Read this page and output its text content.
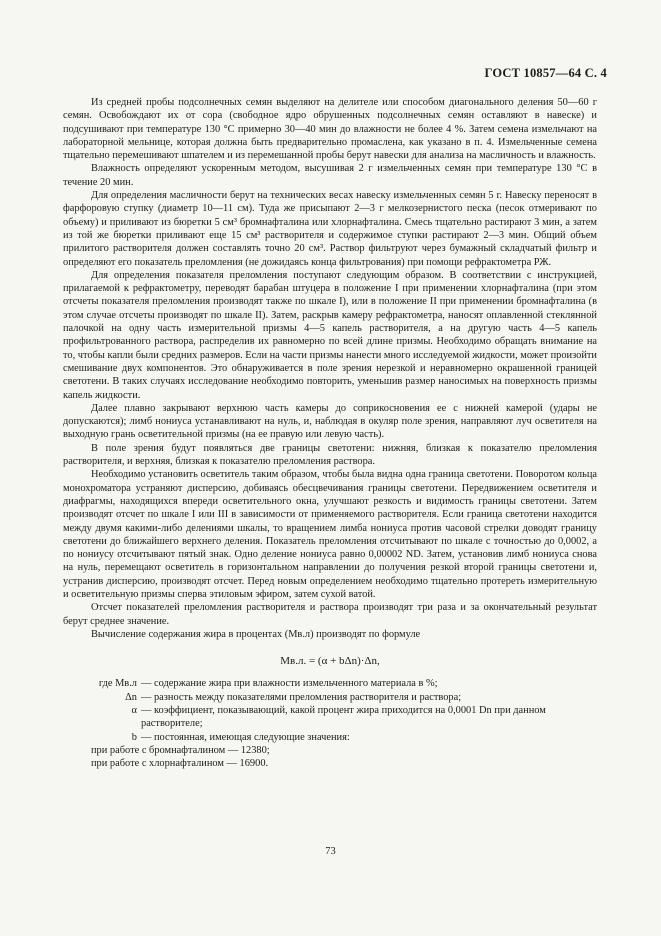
ГОСТ 10857—64 С. 4

Из средней пробы подсолнечных семян выделяют на делителе или способом диагонального деления 50—60 г семян. Освобождают их от сора (свободное ядро обрушенных подсолнечных семян оставляют в навеске) и подсушивают при температуре 130 °С примерно 30—40 мин до влажности не более 4 %. Затем семена измельчают на лабораторной мельнице, которая должна быть предварительно промаслена, как указано в п. 4. Измельченные семена тщательно перемешивают шпателем и из перемешанной пробы берут навески для анализа на масличность и влажность.

Влажность определяют ускоренным методом, высушивая 2 г измельченных семян при температуре 130 °С в течение 20 мин.

Для определения масличности берут на технических весах навеску измельченных семян 5 г. Навеску переносят в фарфоровую ступку (диаметр 10—11 см). Туда же присыпают 2—3 г мелкозернистого песка (песок отмеривают по объему) и приливают из бюретки 5 см³ бромнафталина или хлорнафталина. Смесь тщательно растирают 3 мин, а затем из той же бюретки приливают еще 15 см³ растворителя и содержимое ступки растирают 2—3 мин. Общий объем прилитого растворителя должен составлять точно 20 см³. Раствор фильтруют через бумажный складчатый фильтр и определяют его показатель преломления (не дожидаясь конца фильтрования) при помощи рефрактометра РЖ.

Для определения показателя преломления поступают следующим образом. В соответствии с инструкцией, прилагаемой к рефрактометру, переводят барабан штуцера в положение I при применении хлорнафталина (при этом отсчеты показателя преломления производят также по шкале I), или в положение II при применении бромнафталина (в этом случае отсчеты производят по шкале II). Затем, раскрыв камеру рефрактометра, наносят оплавленной стеклянной палочкой на одну часть измерительной призмы 4—5 капель растворителя, а на другую часть 4—5 капель профильтрованного раствора, распределив их равномерно по всей длине призмы. Необходимо обращать внимание на то, чтобы капли были средних размеров. Если на части призмы нанести много исследуемой жидкости, может произойти смешивание двух компонентов. Это обнаруживается в поле зрения нерезкой и неравномерно окрашенной границей светотени. В таких случаях исследование необходимо повторить, уменьшив размер наносимых на поверхность призмы капель жидкости.

Далее плавно закрывают верхнюю часть камеры до соприкосновения ее с нижней камерой (удары не допускаются); лимб нониуса устанавливают на нуль, и, наблюдая в окуляр поле зрения, направляют луч осветителя на выходную грань осветительной призмы (на ее правую или левую часть).

В поле зрения будут появляться две границы светотени: нижняя, близкая к показателю преломления растворителя, и верхняя, близкая к показателю преломления раствора.

Необходимо установить осветитель таким образом, чтобы была видна одна граница светотени. Поворотом кольца монохроматора устраняют дисперсию, добиваясь обесцвечивания границы светотени. Передвижением осветителя и диафрагмы, находящихся впереди осветительного окна, улучшают резкость и видимость границы светотени. Затем производят отсчет по шкале I или III в зависимости от применяемого растворителя. Если граница светотени находится между двумя какими-либо делениями шкалы, то вращением лимба нониуса против часовой стрелки доводят границу светотени до ближайшего верхнего деления. Показатель преломления отсчитывают по шкале с точностью до 0,0002, а по нониусу отсчитывают пятый знак. Одно деление нониуса равно 0,00002 ND. Затем, установив лимб нониуса снова на нуль, перемещают осветитель в горизонтальном направлении до получения резкой второй границы светотени и, устранив дисперсию, производят отсчет. Перед новым определением необходимо тщательно протереть измерительную и осветительную призмы сперва этиловым эфиром, затем сухой ватой.

Отсчет показателей преломления растворителя и раствора производят три раза и за окончательный результат берут среднее значение.

Вычисление содержания жира в процентах (Mв.л) производят по формуле

Mв.л. = (α + bΔn)·Δn,
где Mв.л — содержание жира при влажности измельченного материала в %;
Δn — разность между показателями преломления растворителя и раствора;
α — коэффициент, показывающий, какой процент жира приходится на 0,0001 Dn при данном растворителе;
b — постоянная, имеющая следующие значения:
при работе с бромнафталином — 12380;
при работе с хлорнафталином — 16900.
73
